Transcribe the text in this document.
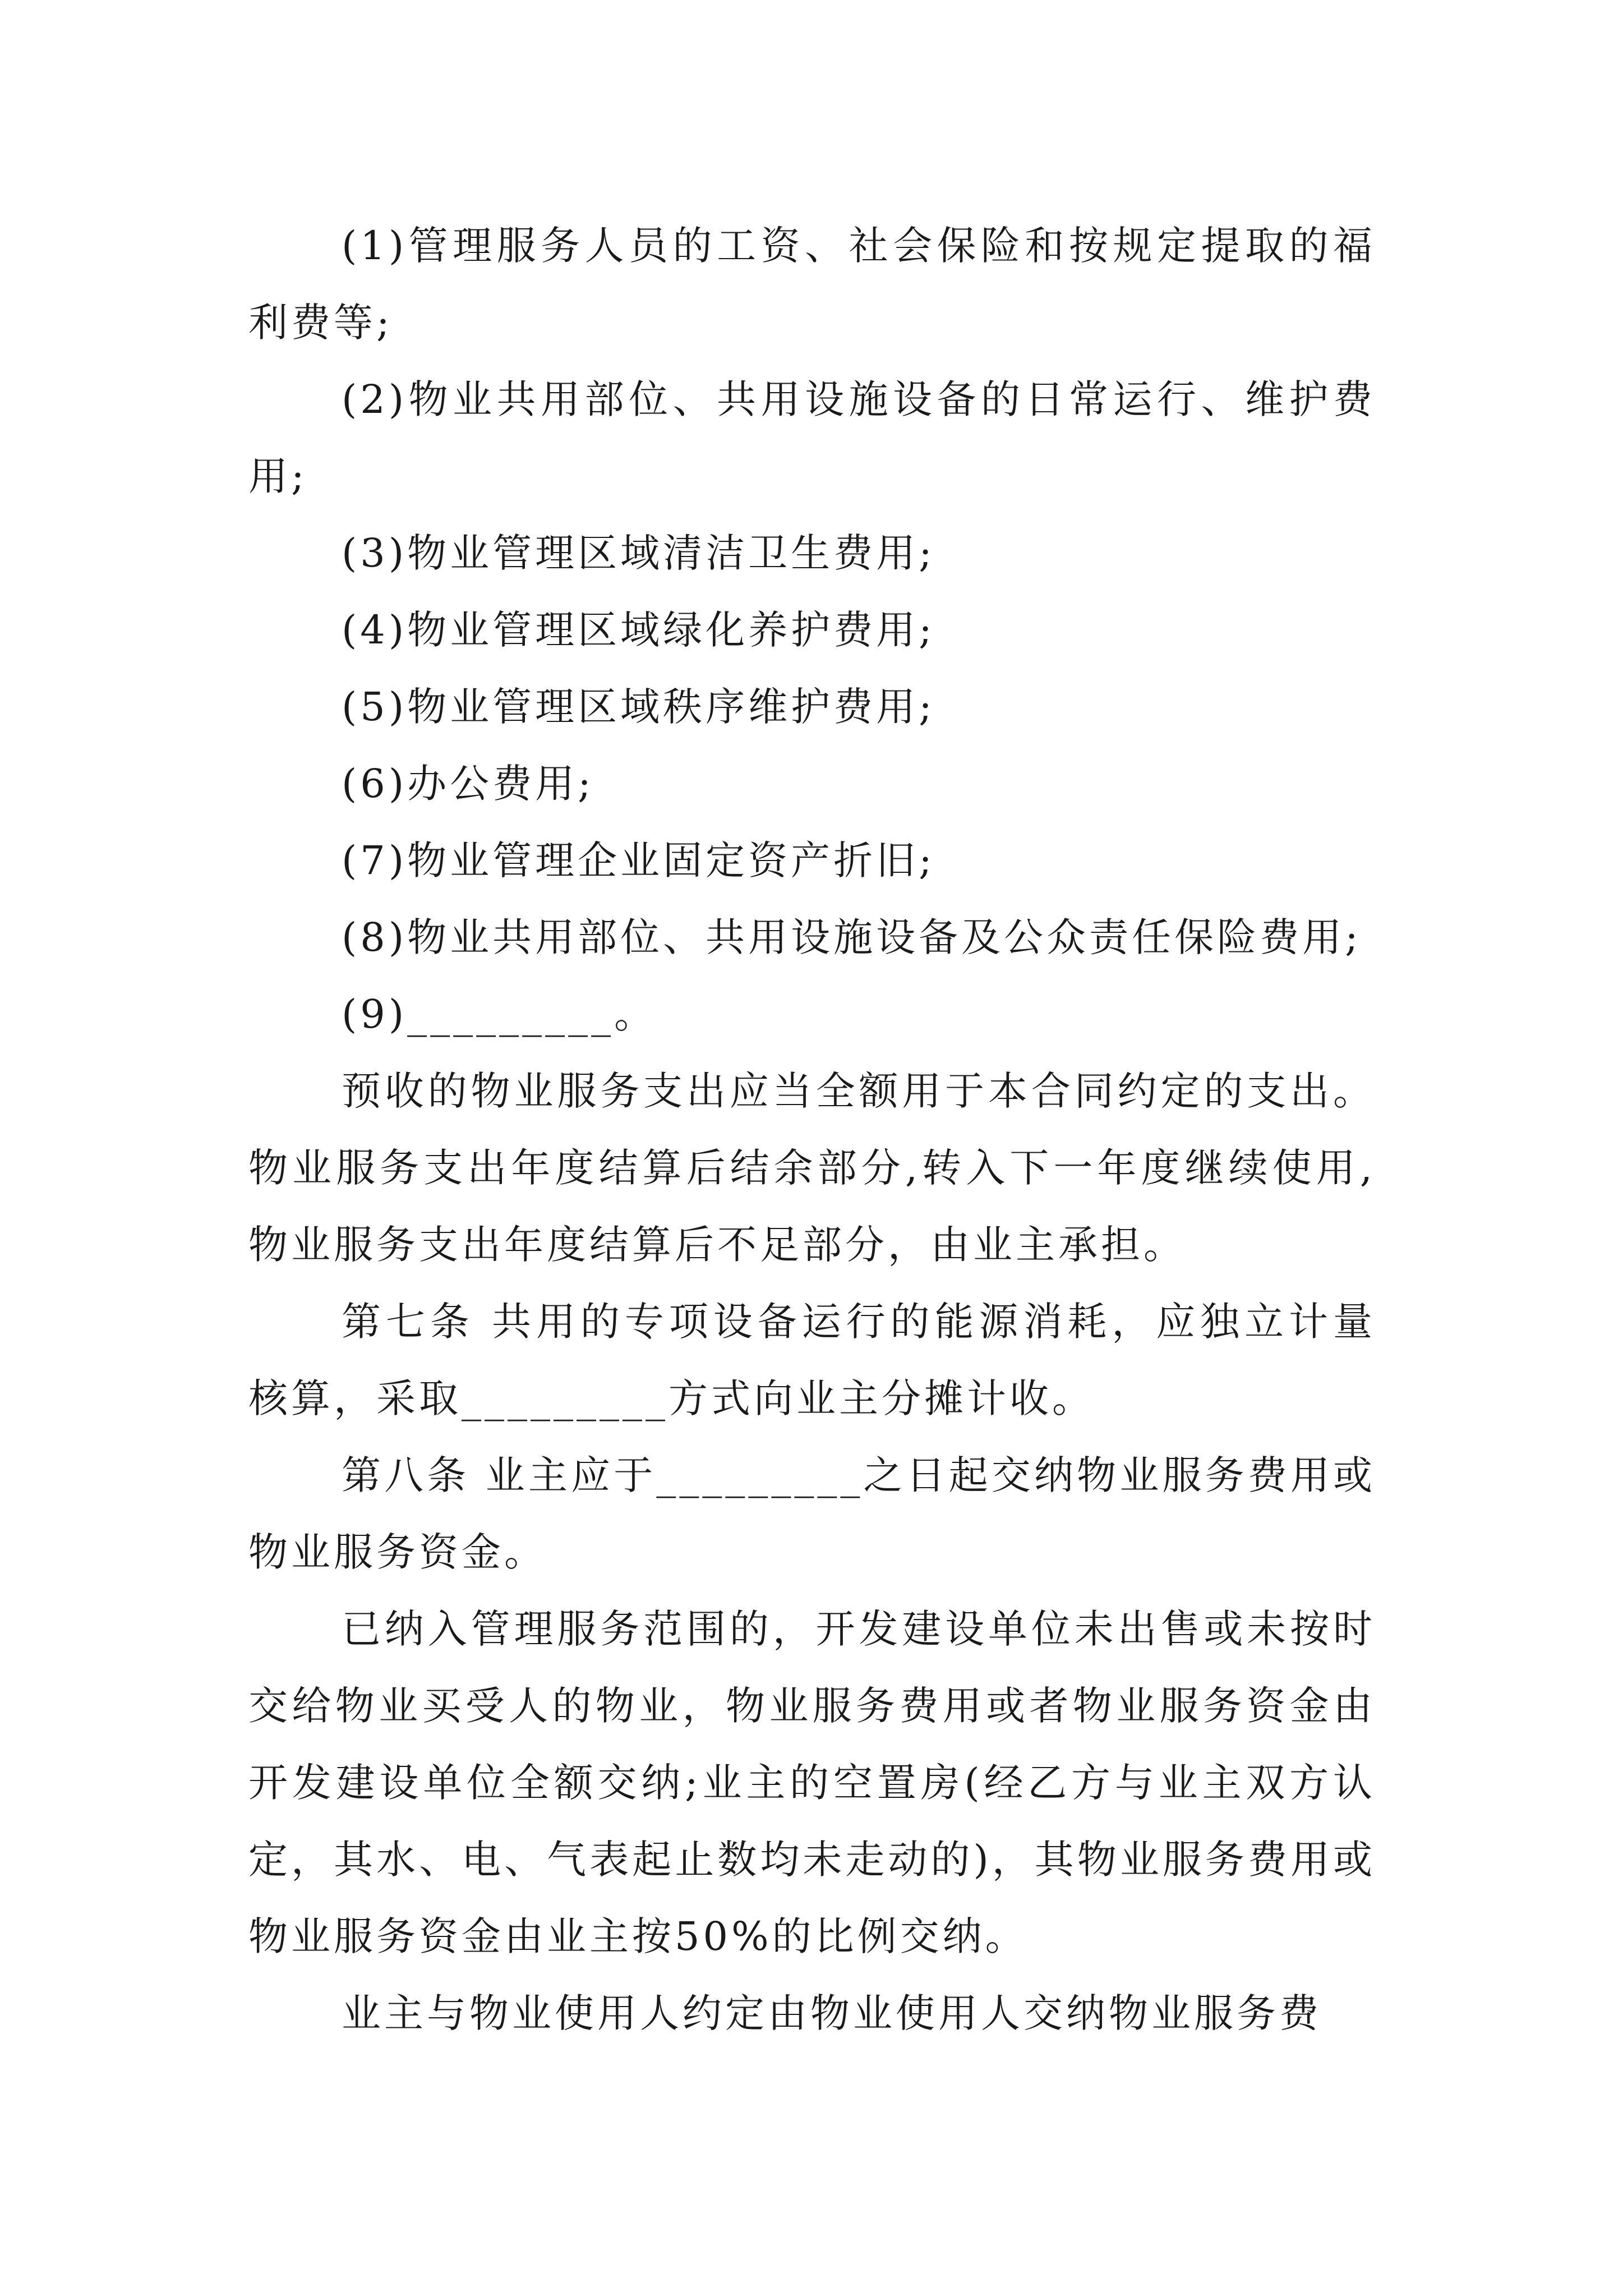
(1)管理服务人员的工资、社会保险和按规定提取的福利费等;

(2)物业共用部位、共用设施设备的日常运行、维护费用;

(3)物业管理区域清洁卫生费用;

(4)物业管理区域绿化养护费用;

(5)物业管理区域秩序维护费用;

(6)办公费用;

(7)物业管理企业固定资产折旧;

(8)物业共用部位、共用设施设备及公众责任保险费用;

(9)_________。

预收的物业服务支出应当全额用于本合同约定的支出。物业服务支出年度结算后结余部分,转入下一年度继续使用,物业服务支出年度结算后不足部分，由业主承担。

第七条 共用的专项设备运行的能源消耗，应独立计量核算，采取_________方式向业主分摊计收。

第八条 业主应于_________之日起交纳物业服务费用或物业服务资金。

已纳入管理服务范围的，开发建设单位未出售或未按时交给物业买受人的物业，物业服务费用或者物业服务资金由开发建设单位全额交纳;业主的空置房(经乙方与业主双方认定，其水、电、气表起止数均未走动的)，其物业服务费用或物业服务资金由业主按50%的比例交纳。

业主与物业使用人约定由物业使用人交纳物业服务费
